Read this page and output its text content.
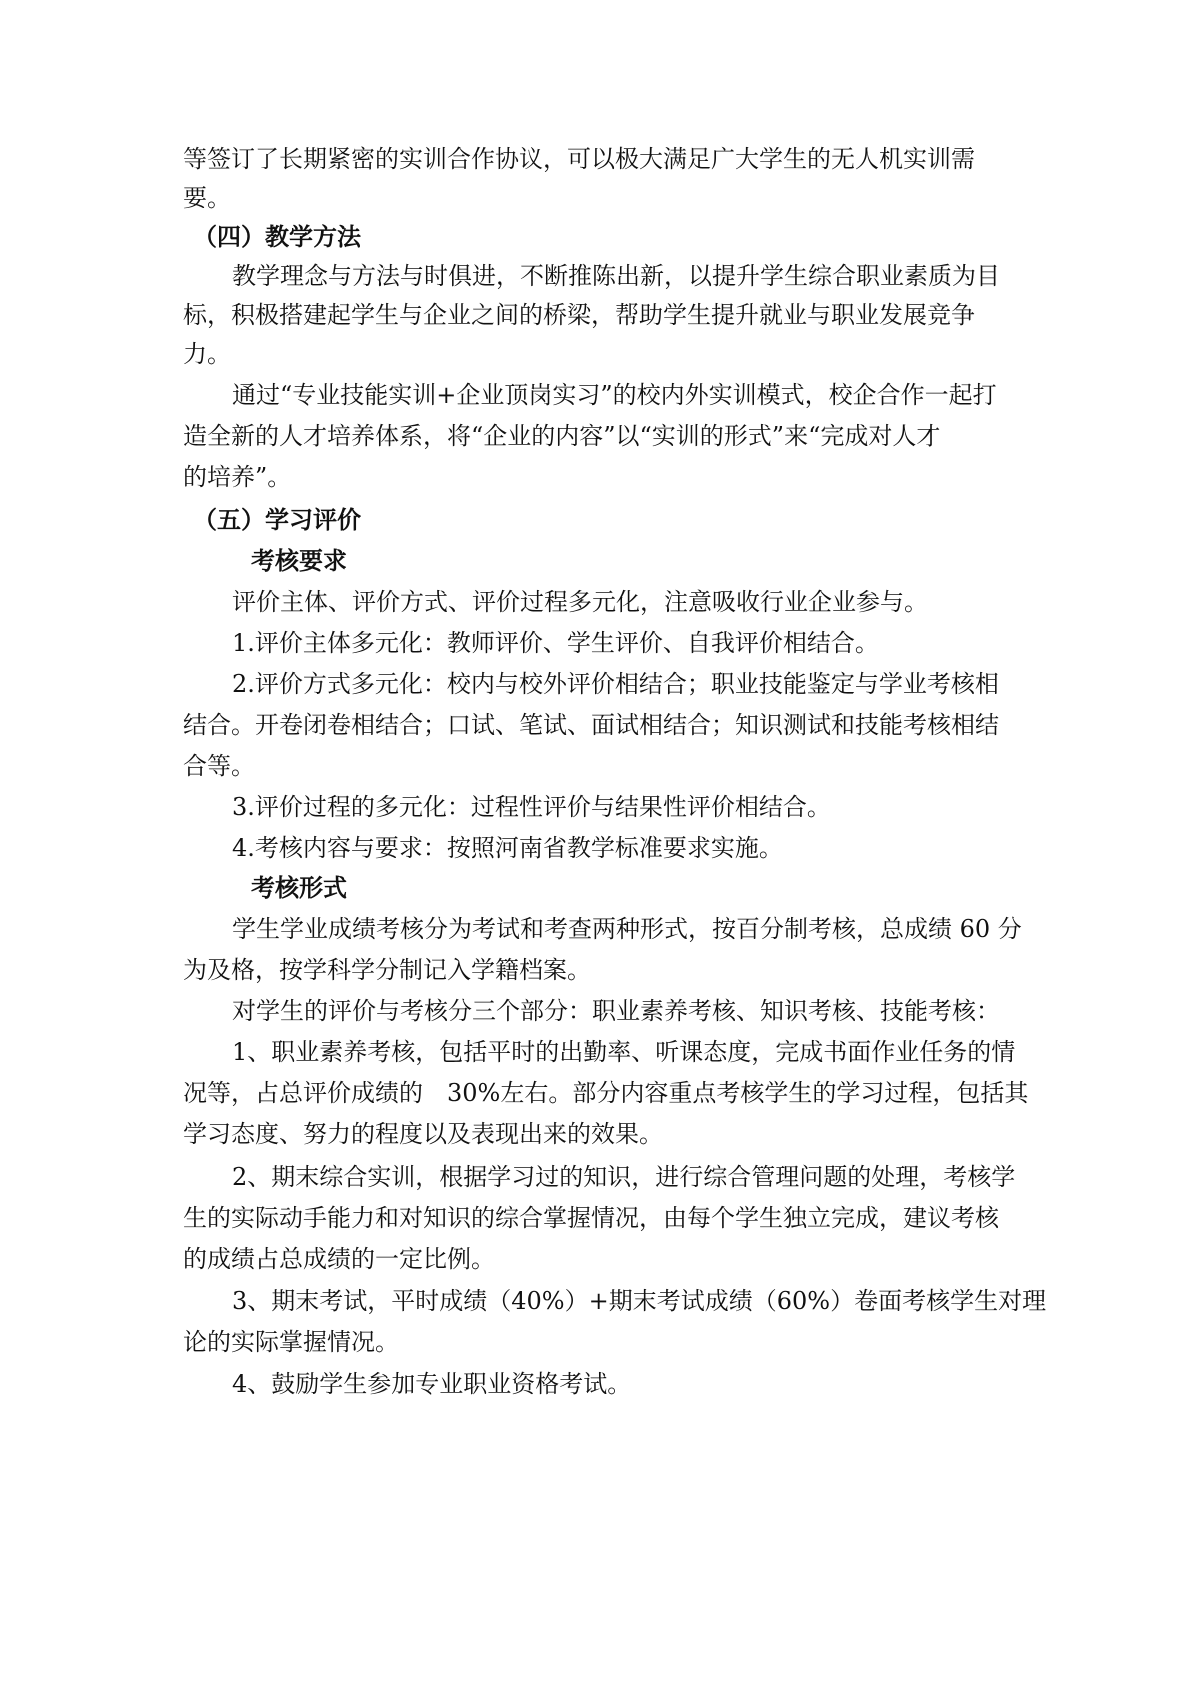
等签订了长期紧密的实训合作协议，可以极大满足广大学生的无人机实训需

要。

（四）教学方法

教学理念与方法与时俱进，不断推陈出新，以提升学生综合职业素质为目

标，积极搭建起学生与企业之间的桥梁，帮助学生提升就业与职业发展竞争

力。

通过“专业技能实训+企业顶岗实习”的校内外实训模式，校企合作一起打

造全新的人才培养体系，将“企业的内容”以“实训的形式”来“完成对人才

的培养”。

（五）学习评价

考核要求

评价主体、评价方式、评价过程多元化，注意吸收行业企业参与。

1.评价主体多元化：教师评价、学生评价、自我评价相结合。

2.评价方式多元化：校内与校外评价相结合；职业技能鉴定与学业考核相

结合。开卷闭卷相结合；口试、笔试、面试相结合；知识测试和技能考核相结

合等。

3.评价过程的多元化：过程性评价与结果性评价相结合。

4.考核内容与要求：按照河南省教学标准要求实施。

考核形式

学生学业成绩考核分为考试和考查两种形式，按百分制考核，总成绩 60 分

为及格，按学科学分制记入学籍档案。

对学生的评价与考核分三个部分：职业素养考核、知识考核、技能考核：

1、职业素养考核，包括平时的出勤率、听课态度，完成书面作业任务的情

况等，占总评价成绩的　30%左右。部分内容重点考核学生的学习过程，包括其

学习态度、努力的程度以及表现出来的效果。

2、期末综合实训，根据学习过的知识，进行综合管理问题的处理，考核学

生的实际动手能力和对知识的综合掌握情况，由每个学生独立完成，建议考核

的成绩占总成绩的一定比例。

3、期末考试，平时成绩（40%）+期末考试成绩（60%）卷面考核学生对理

论的实际掌握情况。

4、鼓励学生参加专业职业资格考试。
